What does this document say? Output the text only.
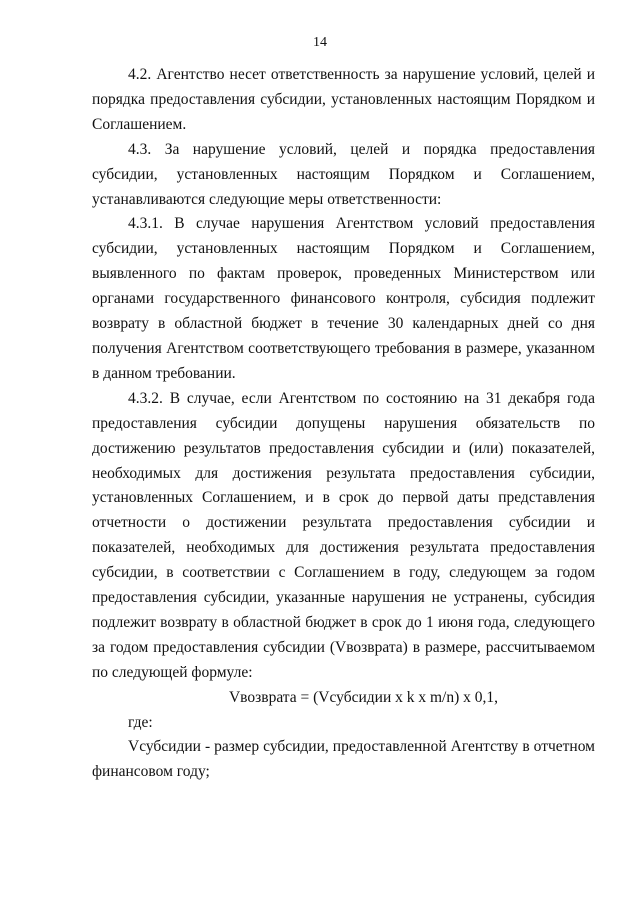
14

4.2. Агентство несет ответственность за нарушение условий, целей и порядка предоставления субсидии, установленных настоящим Порядком и Соглашением.

4.3. За нарушение условий, целей и порядка предоставления субсидии, установленных настоящим Порядком и Соглашением, устанавливаются следующие меры ответственности:

4.3.1. В случае нарушения Агентством условий предоставления субсидии, установленных настоящим Порядком и Соглашением, выявленного по фактам проверок, проведенных Министерством или органами государственного финансового контроля, субсидия подлежит возврату в областной бюджет в течение 30 календарных дней со дня получения Агентством соответствующего требования в размере, указанном в данном требовании.

4.3.2. В случае, если Агентством по состоянию на 31 декабря года предоставления субсидии допущены нарушения обязательств по достижению результатов предоставления субсидии и (или) показателей, необходимых для достижения результата предоставления субсидии, установленных Соглашением, и в срок до первой даты представления отчетности о достижении результата предоставления субсидии и показателей, необходимых для достижения результата предоставления субсидии, в соответствии с Соглашением в году, следующем за годом предоставления субсидии, указанные нарушения не устранены, субсидия подлежит возврату в областной бюджет в срок до 1 июня года, следующего за годом предоставления субсидии (Vвозврата) в размере, рассчитываемом по следующей формуле:

Vвозврата = (Vсубсидии x k x m/n) x 0,1,

где:

Vсубсидии - размер субсидии, предоставленной Агентству в отчетном финансовом году;
